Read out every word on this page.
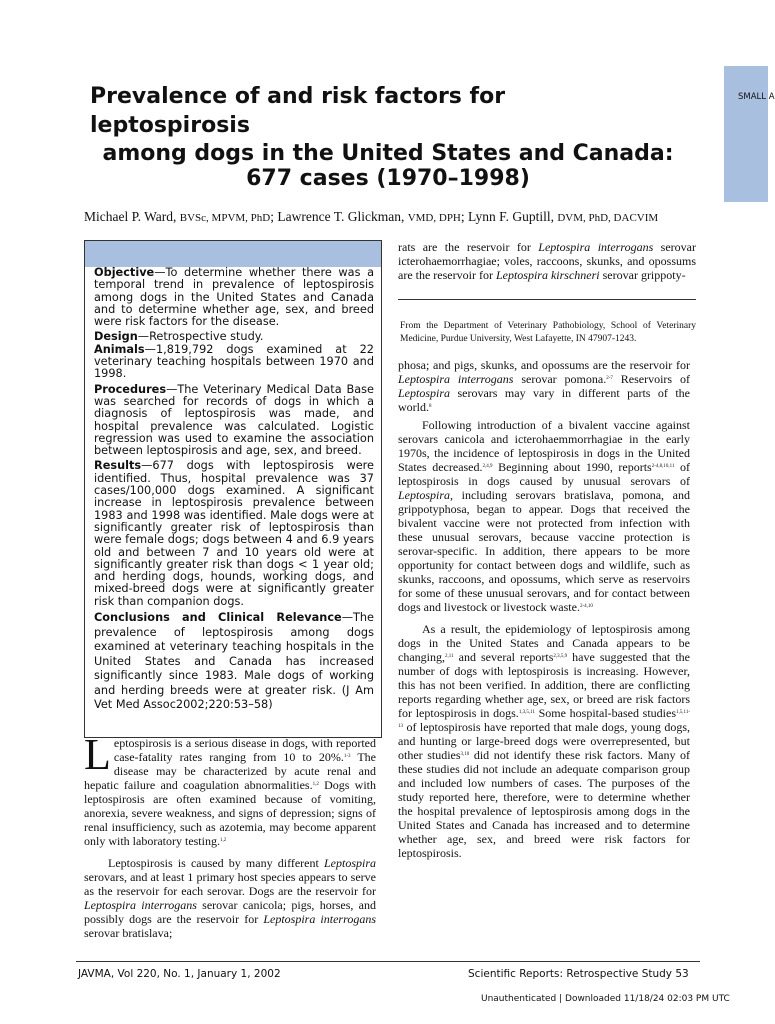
SMALL A
Prevalence of and risk factors for leptospirosis
among dogs in the United States and Canada: 677 cases (1970–1998)
Michael P. Ward, BVSc, MPVM, PhD; Lawrence T. Glickman, VMD, DPH; Lynn F. Guptill, DVM, PhD, DACVIM

Objective—To determine whether there was a temporal trend in prevalence of leptospirosis among dogs in the United States and Canada and to determine whether age, sex, and breed were risk factors for the disease.

Design—Retrospective study.

Animals—1,819,792 dogs examined at 22 veterinary teaching hospitals between 1970 and 1998.

Procedures—The Veterinary Medical Data Base was searched for records of dogs in which a diagnosis of leptospirosis was made, and hospital prevalence was calculated. Logistic regression was used to examine the association between leptospirosis and age, sex, and breed.

Results—677 dogs with leptospirosis were identified. Thus, hospital prevalence was 37 cases/100,000 dogs examined. A significant increase in leptospirosis prevalence between 1983 and 1998 was identified. Male dogs were at significantly greater risk of leptospirosis than were female dogs; dogs between 4 and 6.9 years old and between 7 and 10 years old were at significantly greater risk than dogs < 1 year old; and herding dogs, hounds, working dogs, and mixed-breed dogs were at significantly greater risk than companion dogs.

Conclusions and Clinical Relevance—The prevalence of leptospirosis among dogs examined at veterinary teaching hospitals in the United States and Canada has increased significantly since 1983. Male dogs of working and herding breeds were at greater risk. (J Am Vet Med Assoc2002;220:53–58)

Leptospirosis is a serious disease in dogs, with reported case-fatality rates ranging from 10 to 20%.$^{1-3}$ The disease may be characterized by acute renal and hepatic failure and coagulation abnormalities.$^{1,2}$ Dogs with leptospirosis are often examined because of vomiting, anorexia, severe weakness, and signs of depression; signs of renal insufficiency, such as azotemia, may become apparent only with laboratory testing.$^{1,2}$

Leptospirosis is caused by many different Leptospira serovars, and at least 1 primary host species appears to serve as the reservoir for each serovar. Dogs are the reservoir for Leptospira interrogans serovar canicola; pigs, horses, and possibly dogs are the reservoir for Leptospira interrogans serovar bratislava;

rats are the reservoir for Leptospira interrogans serovar icterohaemorrhagiae; voles, raccoons, skunks, and opossums are the reservoir for Leptospira kirschneri serovar grippoty-

From the Department of Veterinary Pathobiology, School of Veterinary Medicine, Purdue University, West Lafayette, IN 47907-1243.

phosa; and pigs, skunks, and opossums are the reservoir for Leptospira interrogans serovar pomona.$^{2-7}$ Reservoirs of Leptospira serovars may vary in different parts of the world.$^8$

Following introduction of a bivalent vaccine against serovars canicola and icterohaemmorrhagiae in the early 1970s, the incidence of leptospirosis in dogs in the United States decreased.$^{2,4,9}$ Beginning about 1990, reports$^{2-4,8,10,11}$ of leptospirosis in dogs caused by unusual serovars of Leptospira, including serovars bratislava, pomona, and grippotyphosa, began to appear. Dogs that received the bivalent vaccine were not protected from infection with these unusual serovars, because vaccine protection is serovar-specific. In addition, there appears to be more opportunity for contact between dogs and wildlife, such as skunks, raccoons, and opossums, which serve as reservoirs for some of these unusual serovars, and for contact between dogs and livestock or livestock waste.$^{2-4,10}$

As a result, the epidemiology of leptospirosis among dogs in the United States and Canada appears to be changing,$^{2,11}$ and several reports$^{2,3,5,9}$ have suggested that the number of dogs with leptospirosis is increasing. However, this has not been verified. In addition, there are conflicting reports regarding whether age, sex, or breed are risk factors for leptospirosis in dogs.$^{1,3,5,11}$ Some hospital-based studies$^{1,5,11-13}$ of leptospirosis have reported that male dogs, young dogs, and hunting or large-breed dogs were overrepresented, but other studies$^{3,10}$ did not identify these risk factors. Many of these studies did not include an adequate comparison group and included low numbers of cases. The purposes of the study reported here, therefore, were to determine whether the hospital prevalence of leptospirosis among dogs in the United States and Canada has increased and to determine whether age, sex, and breed were risk factors for leptospirosis.

JAVMA, Vol 220, No. 1, January 1, 2002	Scientific Reports: Retrospective Study 53
Unauthenticated | Downloaded 11/18/24 02:03 PM UTC
